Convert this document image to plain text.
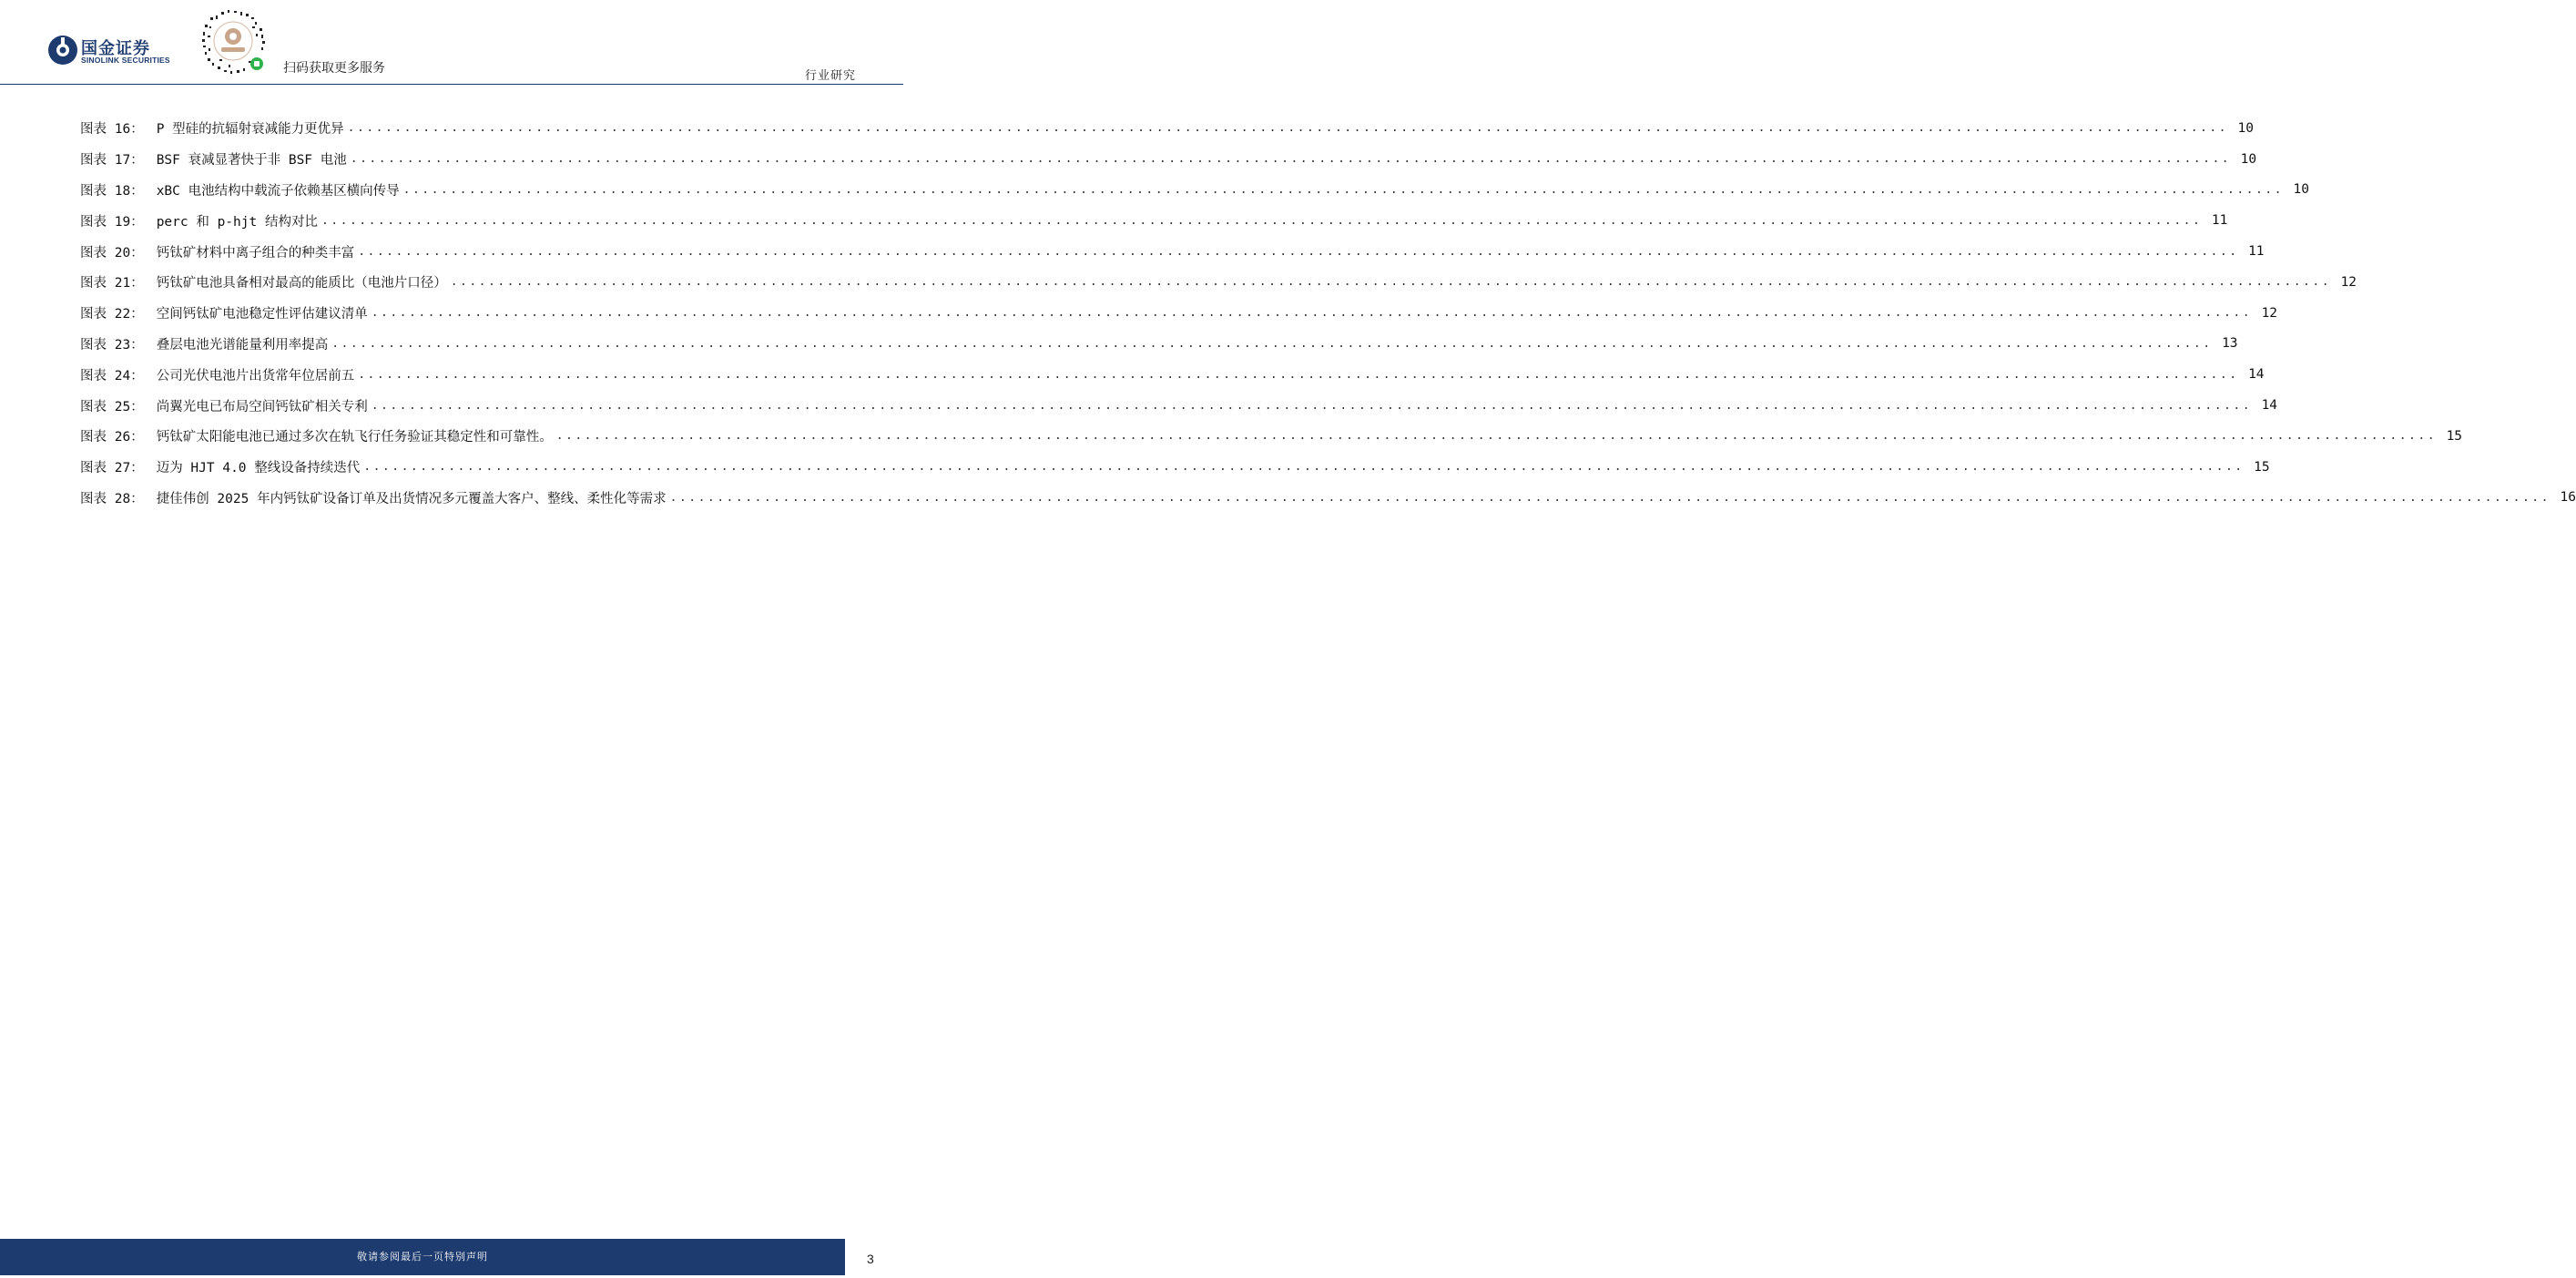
国金证券
SINOLINK SECURITIES
扫码获取更多服务
行业研究
图表 16： P 型硅的抗辐射衰减能力更优异 ........................................................................................................................................................................................................ 10
图表 17： BSF 衰减显著快于非 BSF 电池 ........................................................................................................................................................................................................ 10
图表 18： xBC 电池结构中载流子依赖基区横向传导 ........................................................................................................................................................................................................ 10
图表 19： perc 和 p-hjt 结构对比 ........................................................................................................................................................................................................ 11
图表 20： 钙钛矿材料中离子组合的种类丰富 ........................................................................................................................................................................................................ 11
图表 21： 钙钛矿电池具备相对最高的能质比（电池片口径） ........................................................................................................................................................................................................ 12
图表 22： 空间钙钛矿电池稳定性评估建议清单 ........................................................................................................................................................................................................ 12
图表 23： 叠层电池光谱能量利用率提高 ........................................................................................................................................................................................................ 13
图表 24： 公司光伏电池片出货常年位居前五 ........................................................................................................................................................................................................ 14
图表 25： 尚翼光电已布局空间钙钛矿相关专利 ........................................................................................................................................................................................................ 14
图表 26： 钙钛矿太阳能电池已通过多次在轨飞行任务验证其稳定性和可靠性。 ........................................................................................................................................................................................................ 15
图表 27： 迈为 HJT 4.0 整线设备持续迭代 ........................................................................................................................................................................................................ 15
图表 28： 捷佳伟创 2025 年内钙钛矿设备订单及出货情况多元覆盖大客户、整线、柔性化等需求 ........................................................................................................................................................................................................ 16
敬请参阅最后一页特别声明	3
